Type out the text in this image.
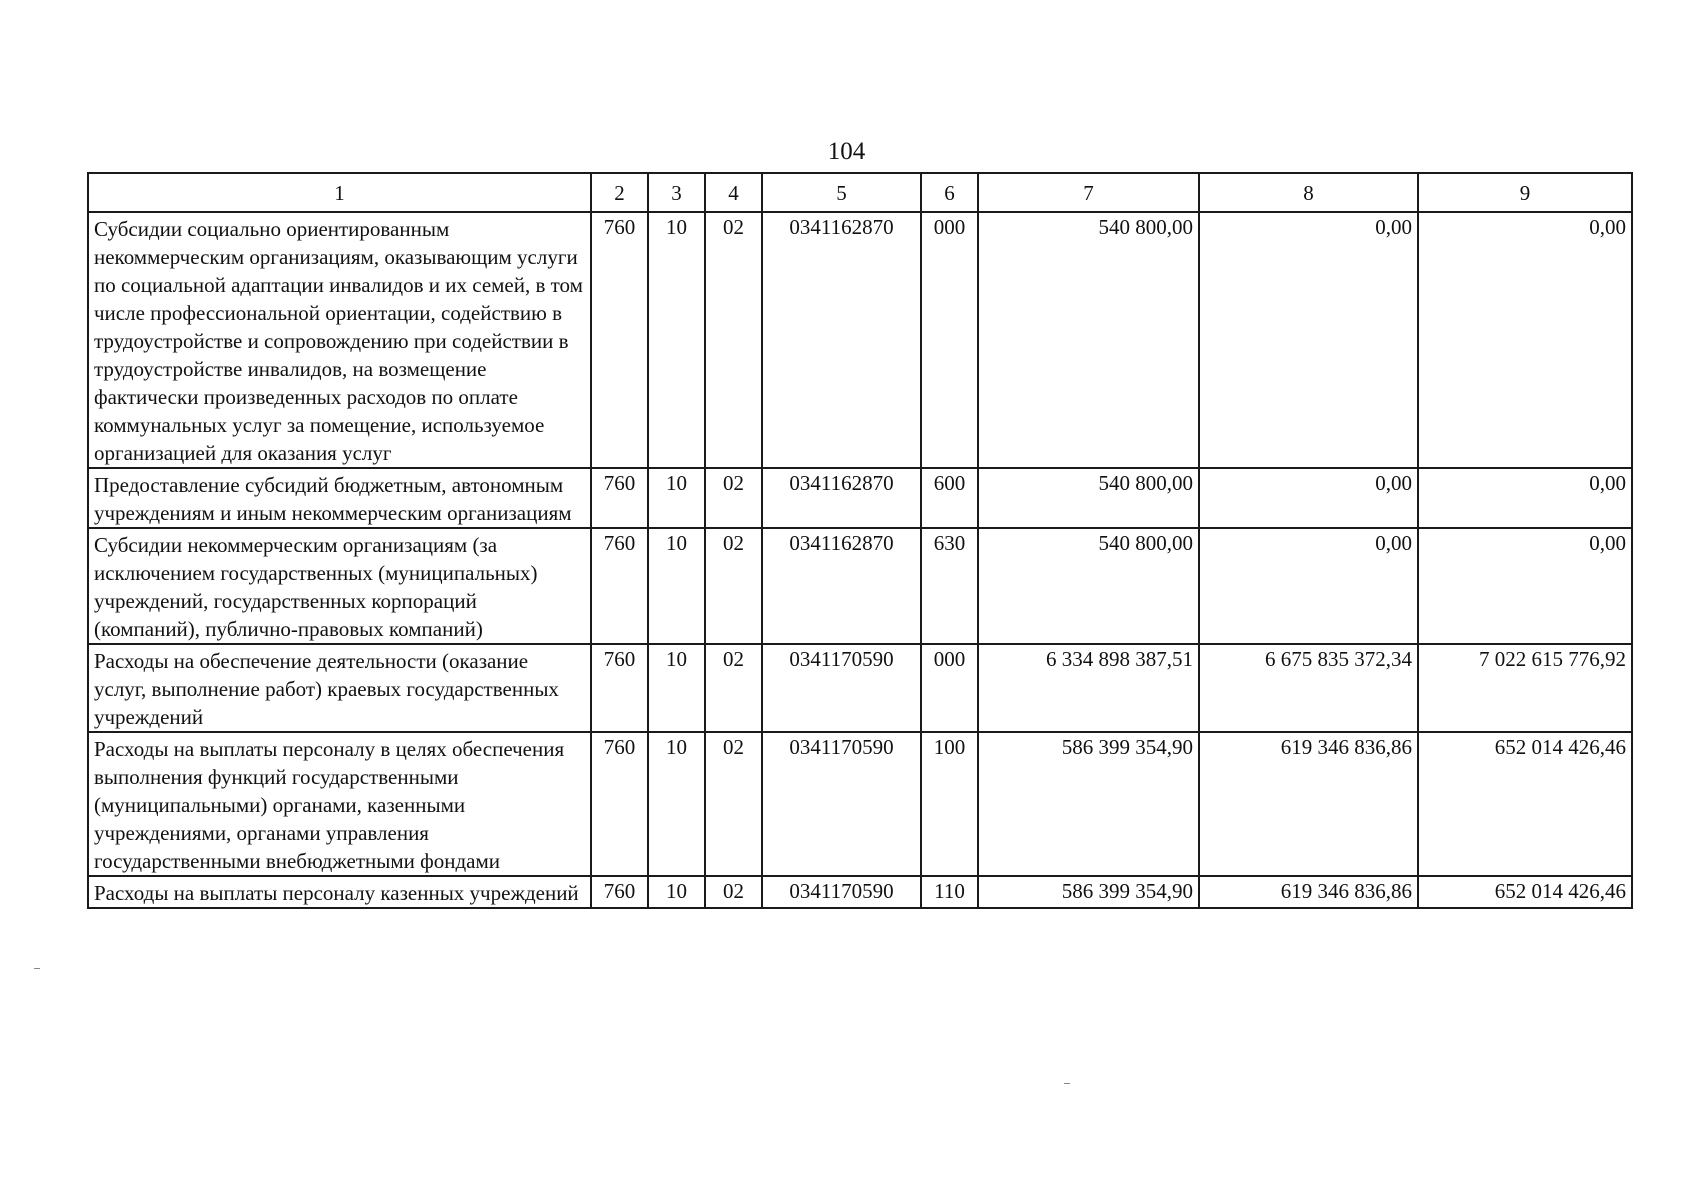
104
1	2	3	4	5	6	7	8	9

Субсидии социально ориентированным некоммерческим организациям, оказывающим услуги по социальной адаптации инвалидов и их семей, в том числе профессиональной ориентации, содействию в трудоустройстве и сопровождению при содействии в трудоустройстве инвалидов, на возмещение фактически произведенных расходов по оплате коммунальных услуг за помещение, используемое организацией для оказания услуг	760	10	02	0341162870	000	540 800,00	0,00	0,00

Предоставление субсидий бюджетным, автономным учреждениям и иным некоммерческим организациям	760	10	02	0341162870	600	540 800,00	0,00	0,00

Субсидии некоммерческим организациям (за исключением государственных (муниципальных) учреждений, государственных корпораций (компаний), публично-правовых компаний)	760	10	02	0341162870	630	540 800,00	0,00	0,00

Расходы на обеспечение деятельности (оказание услуг, выполнение работ) краевых государственных учреждений	760	10	02	0341170590	000	6 334 898 387,51	6 675 835 372,34	7 022 615 776,92

Расходы на выплаты персоналу в целях обеспечения выполнения функций государственными (муниципальными) органами, казенными учреждениями, органами управления государственными внебюджетными фондами	760	10	02	0341170590	100	586 399 354,90	619 346 836,86	652 014 426,46

Расходы на выплаты персоналу казенных учреждений	760	10	02	0341170590	110	586 399 354,90	619 346 836,86	652 014 426,46
